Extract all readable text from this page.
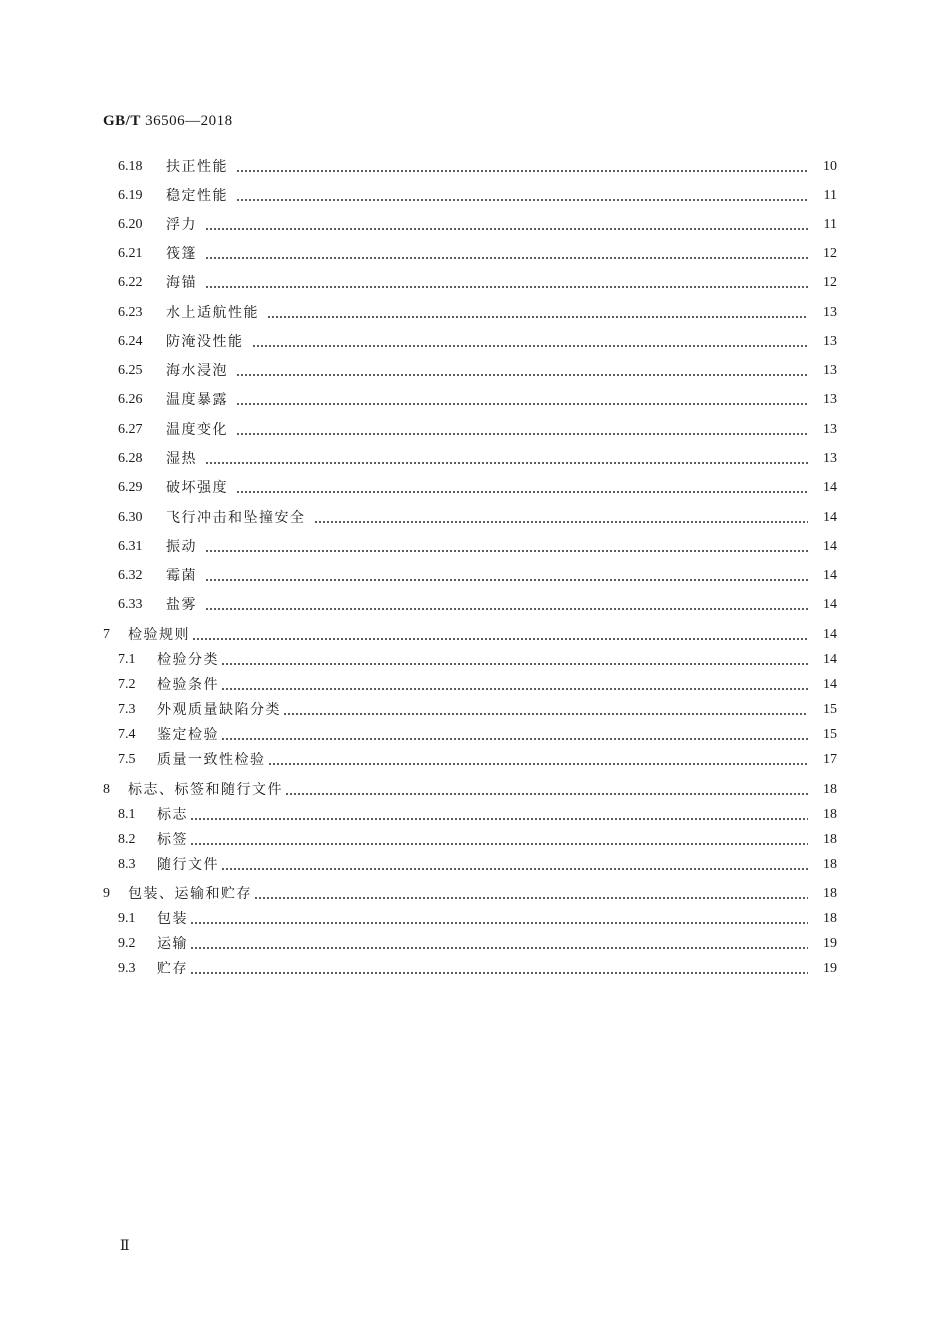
GB/T 36506—2018
6.18 扶正性能	10
6.19 稳定性能	11
6.20 浮力	11
6.21 筏篷	12
6.22 海锚	12
6.23 水上适航性能	13
6.24 防淹没性能	13
6.25 海水浸泡	13
6.26 温度暴露	13
6.27 温度变化	13
6.28 湿热	13
6.29 破坏强度	14
6.30 飞行冲击和坠撞安全	14
6.31 振动	14
6.32 霉菌	14
6.33 盐雾	14
7 检验规则	14
7.1 检验分类	14
7.2 检验条件	14
7.3 外观质量缺陷分类	15
7.4 鉴定检验	15
7.5 质量一致性检验	17
8 标志、标签和随行文件	18
8.1 标志	18
8.2 标签	18
8.3 随行文件	18
9 包装、运输和贮存	18
9.1 包装	18
9.2 运输	19
9.3 贮存	19
Ⅱ
